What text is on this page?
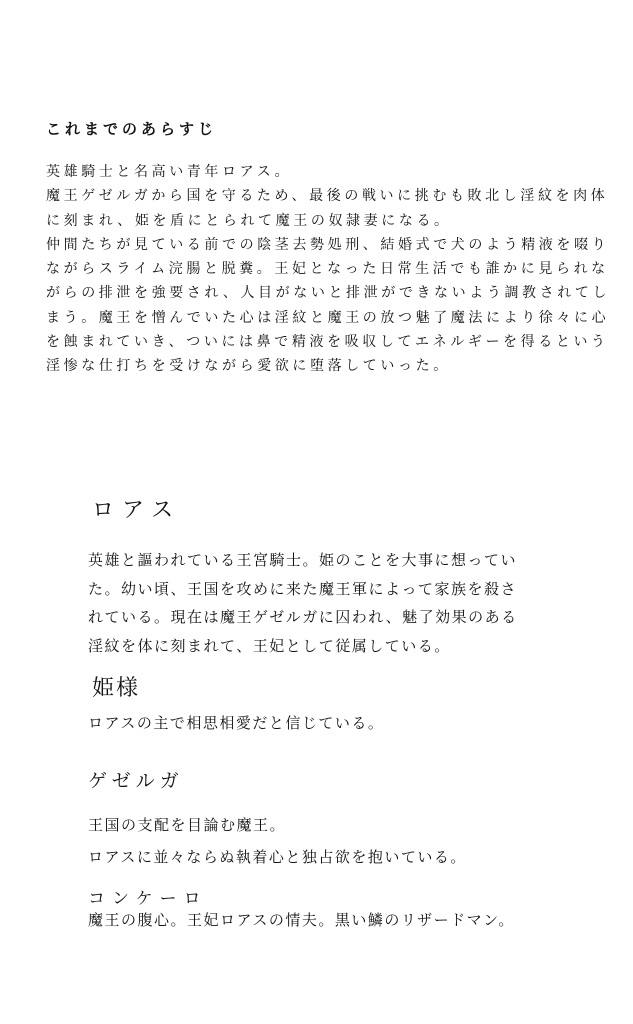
これまでのあらすじ

英雄騎士と名高い青年ロアス。

魔王ゲゼルガから国を守るため、最後の戦いに挑むも敗北し淫紋を肉体

に刻まれ、姫を盾にとられて魔王の奴隷妻になる。

仲間たちが見ている前での陰茎去勢処刑、結婚式で犬のよう精液を啜り

ながらスライム浣腸と脱糞。王妃となった日常生活でも誰かに見られな

がらの排泄を強要され、人目がないと排泄ができないよう調教されてし

まう。魔王を憎んでいた心は淫紋と魔王の放つ魅了魔法により徐々に心

を蝕まれていき、ついには鼻で精液を吸収してエネルギーを得るという

淫惨な仕打ちを受けながら愛欲に堕落していった。

ロアス

英雄と謳われている王宮騎士。姫のことを大事に想ってい

た。幼い頃、王国を攻めに来た魔王軍によって家族を殺さ

れている。現在は魔王ゲゼルガに囚われ、魅了効果のある

淫紋を体に刻まれて、王妃として従属している。

姫様

ロアスの主で相思相愛だと信じている。

ゲゼルガ

王国の支配を目論む魔王。

ロアスに並々ならぬ執着心と独占欲を抱いている。

コンケーロ

魔王の腹心。王妃ロアスの情夫。黒い鱗のリザードマン。
